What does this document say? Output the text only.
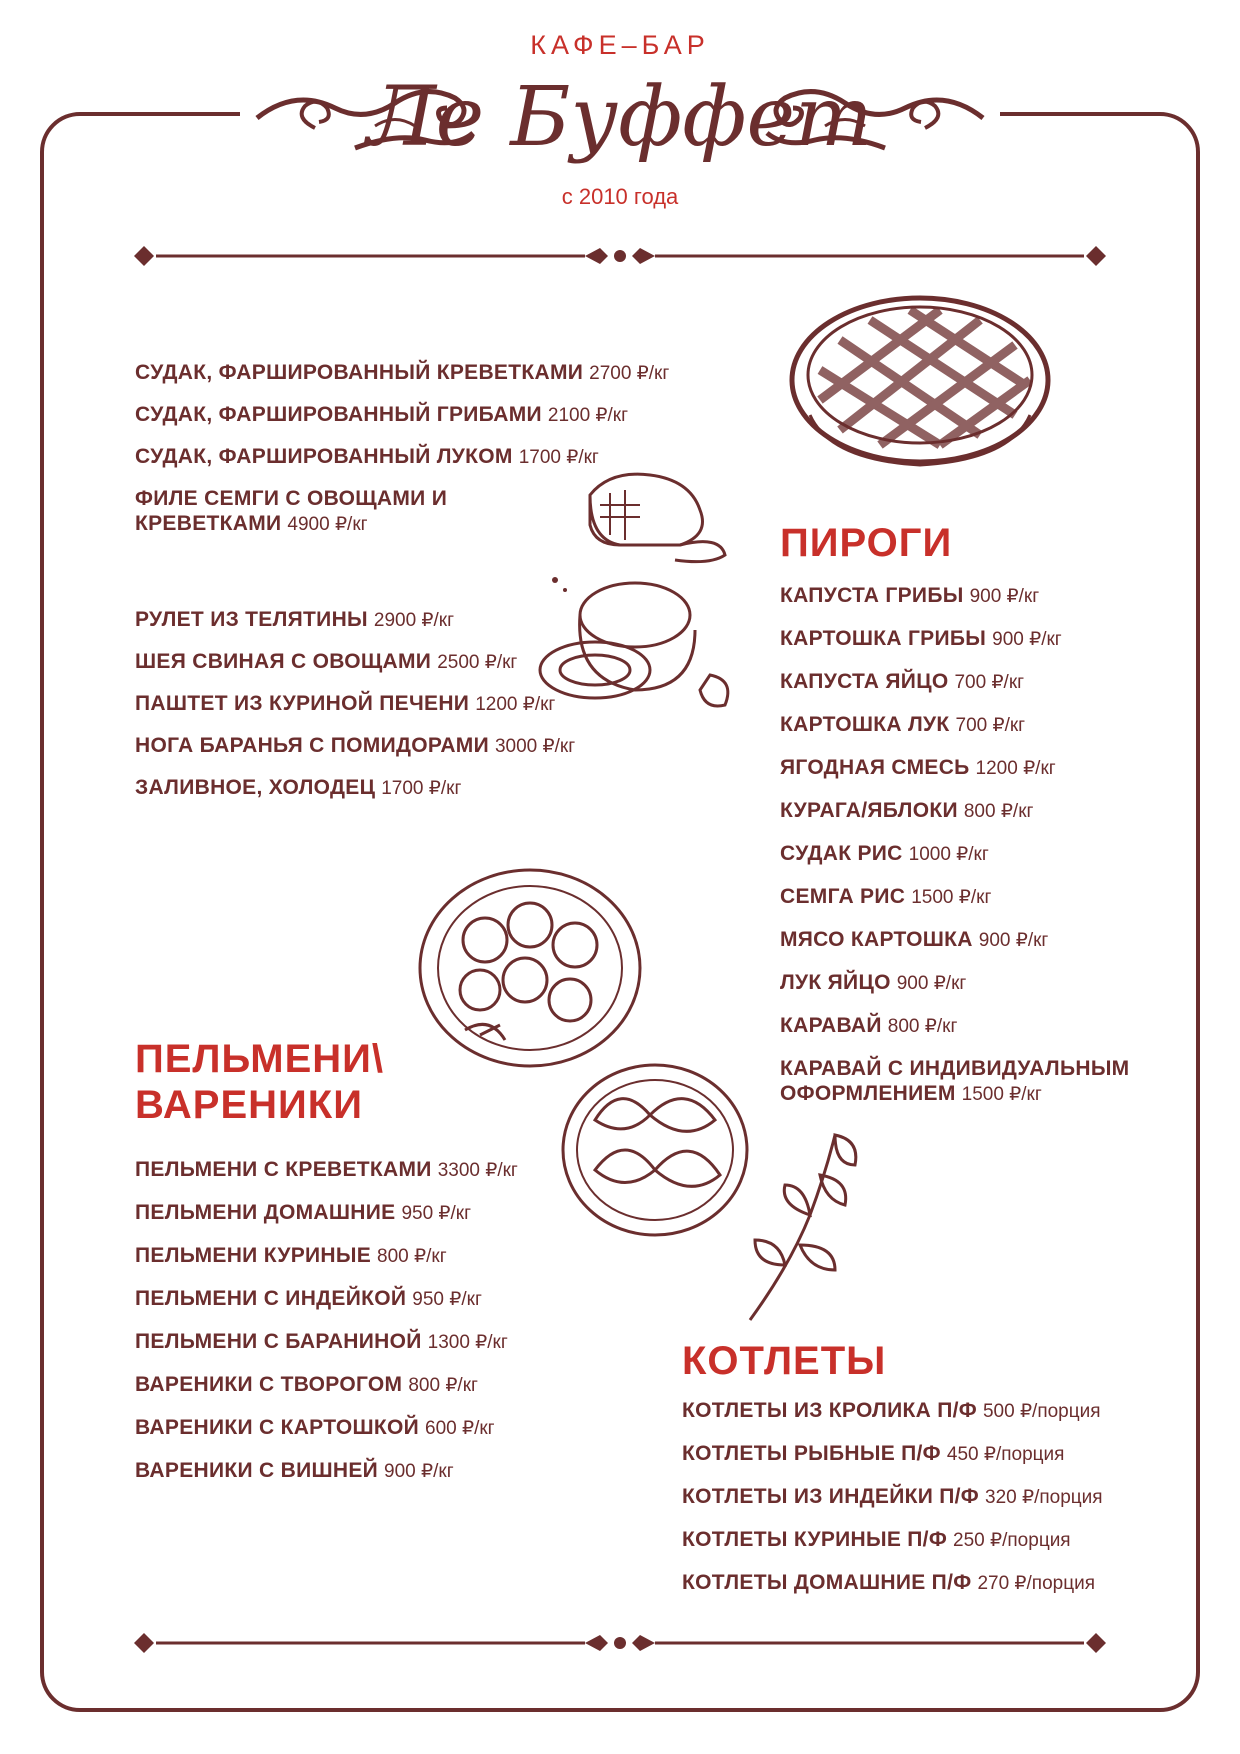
КАФЕ–БАР
Ле Буффет
с 2010 года
СУДАК, ФАРШИРОВАННЫЙ КРЕВЕТКАМИ 2700 ₽/кг
СУДАК, ФАРШИРОВАННЫЙ ГРИБАМИ 2100 ₽/кг
СУДАК, ФАРШИРОВАННЫЙ ЛУКОМ 1700 ₽/кг
ФИЛЕ СЕМГИ С ОВОЩАМИ И КРЕВЕТКАМИ 4900 ₽/кг
РУЛЕТ ИЗ ТЕЛЯТИНЫ 2900 ₽/кг
ШЕЯ СВИНАЯ С ОВОЩАМИ 2500 ₽/кг
ПАШТЕТ ИЗ КУРИНОЙ ПЕЧЕНИ 1200 ₽/кг
НОГА БАРАНЬЯ С ПОМИДОРАМИ 3000 ₽/кг
ЗАЛИВНОЕ, ХОЛОДЕЦ 1700 ₽/кг
ПИРОГИ
КАПУСТА ГРИБЫ 900 ₽/кг
КАРТОШКА ГРИБЫ 900 ₽/кг
КАПУСТА ЯЙЦО 700 ₽/кг
КАРТОШКА ЛУК 700 ₽/кг
ЯГОДНАЯ СМЕСЬ 1200 ₽/кг
КУРАГА/ЯБЛОКИ 800 ₽/кг
СУДАК РИС 1000 ₽/кг
СЕМГА РИС 1500 ₽/кг
МЯСО КАРТОШКА 900 ₽/кг
ЛУК ЯЙЦО 900 ₽/кг
КАРАВАЙ 800 ₽/кг
КАРАВАЙ С ИНДИВИДУАЛЬНЫМ ОФОРМЛЕНИЕМ 1500 ₽/кг
ПЕЛЬМЕНИ\ ВАРЕНИКИ
ПЕЛЬМЕНИ С КРЕВЕТКАМИ 3300 ₽/кг
ПЕЛЬМЕНИ ДОМАШНИЕ 950 ₽/кг
ПЕЛЬМЕНИ КУРИНЫЕ 800 ₽/кг
ПЕЛЬМЕНИ С ИНДЕЙКОЙ 950 ₽/кг
ПЕЛЬМЕНИ С БАРАНИНОЙ 1300 ₽/кг
ВАРЕНИКИ С ТВОРОГОМ 800 ₽/кг
ВАРЕНИКИ С КАРТОШКОЙ 600 ₽/кг
ВАРЕНИКИ С ВИШНЕЙ 900 ₽/кг
КОТЛЕТЫ
КОТЛЕТЫ ИЗ КРОЛИКА П/Ф 500 ₽/порция
КОТЛЕТЫ РЫБНЫЕ П/Ф 450 ₽/порция
КОТЛЕТЫ ИЗ ИНДЕЙКИ П/Ф 320 ₽/порция
КОТЛЕТЫ КУРИНЫЕ П/Ф 250 ₽/порция
КОТЛЕТЫ ДОМАШНИЕ П/Ф 270 ₽/порция
